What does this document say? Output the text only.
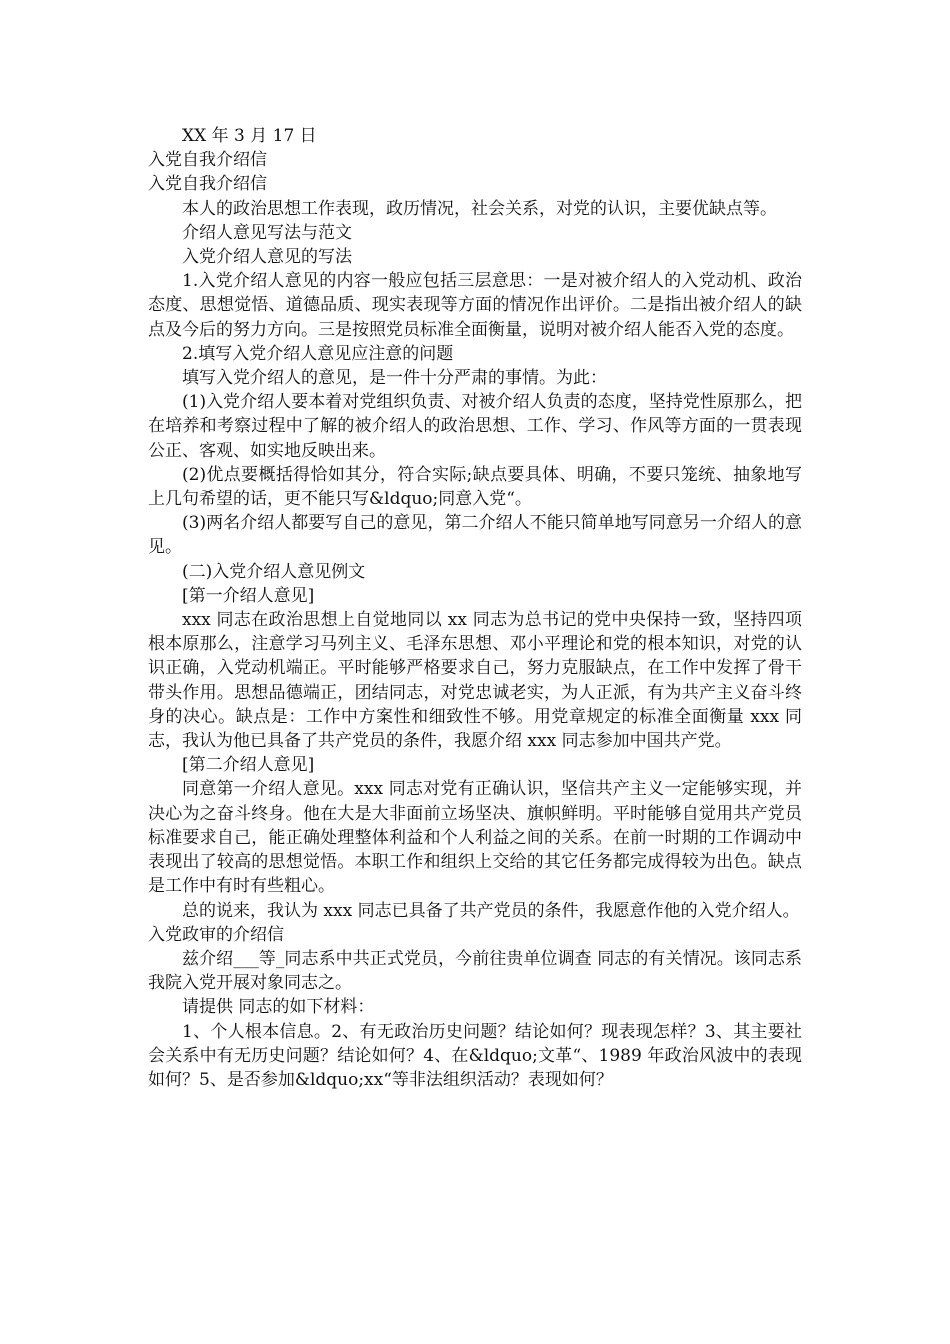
XX 年 3 月 17 日

入党自我介绍信

入党自我介绍信

本人的政治思想工作表现，政历情况，社会关系，对党的认识，主要优缺点等。

介绍人意见写法与范文

入党介绍人意见的写法

1.入党介绍人意见的内容一般应包括三层意思：一是对被介绍人的入党动机、政治态度、思想觉悟、道德品质、现实表现等方面的情况作出评价。二是指出被介绍人的缺点及今后的努力方向。三是按照党员标准全面衡量，说明对被介绍人能否入党的态度。

2.填写入党介绍人意见应注意的问题

填写入党介绍人的意见，是一件十分严肃的事情。为此：

(1)入党介绍人要本着对党组织负责、对被介绍人负责的态度，坚持党性原那么，把在培养和考察过程中了解的被介绍人的政治思想、工作、学习、作风等方面的一贯表现公正、客观、如实地反映出来。

(2)优点要概括得恰如其分，符合实际;缺点要具体、明确，不要只笼统、抽象地写上几句希望的话，更不能只写&ldquo;同意入党“。

(3)两名介绍人都要写自己的意见，第二介绍人不能只简单地写同意另一介绍人的意见。

(二)入党介绍人意见例文

[第一介绍人意见]

xxx 同志在政治思想上自觉地同以 xx 同志为总书记的党中央保持一致，坚持四项根本原那么，注意学习马列主义、毛泽东思想、邓小平理论和党的根本知识，对党的认识正确，入党动机端正。平时能够严格要求自己，努力克服缺点，在工作中发挥了骨干带头作用。思想品德端正，团结同志，对党忠诚老实，为人正派，有为共产主义奋斗终身的决心。缺点是：工作中方案性和细致性不够。用党章规定的标准全面衡量 xxx 同志，我认为他已具备了共产党员的条件，我愿介绍 xxx 同志参加中国共产党。

[第二介绍人意见]

同意第一介绍人意见。xxx 同志对党有正确认识，坚信共产主义一定能够实现，并决心为之奋斗终身。他在大是大非面前立场坚决、旗帜鲜明。平时能够自觉用共产党员标准要求自己，能正确处理整体利益和个人利益之间的关系。在前一时期的工作调动中表现出了较高的思想觉悟。本职工作和组织上交给的其它任务都完成得较为出色。缺点是工作中有时有些粗心。

总的说来，我认为 xxx 同志已具备了共产党员的条件，我愿意作他的入党介绍人。

入党政审的介绍信

兹介绍___等_同志系中共正式党员，今前往贵单位调查 同志的有关情况。该同志系我院入党开展对象同志之。

请提供 同志的如下材料：

1、个人根本信息。2、有无政治历史问题？结论如何？现表现怎样？3、其主要社会关系中有无历史问题？结论如何？4、在&ldquo;文革“、1989 年政治风波中的表现如何？5、是否参加&ldquo;xx“等非法组织活动？表现如何？
